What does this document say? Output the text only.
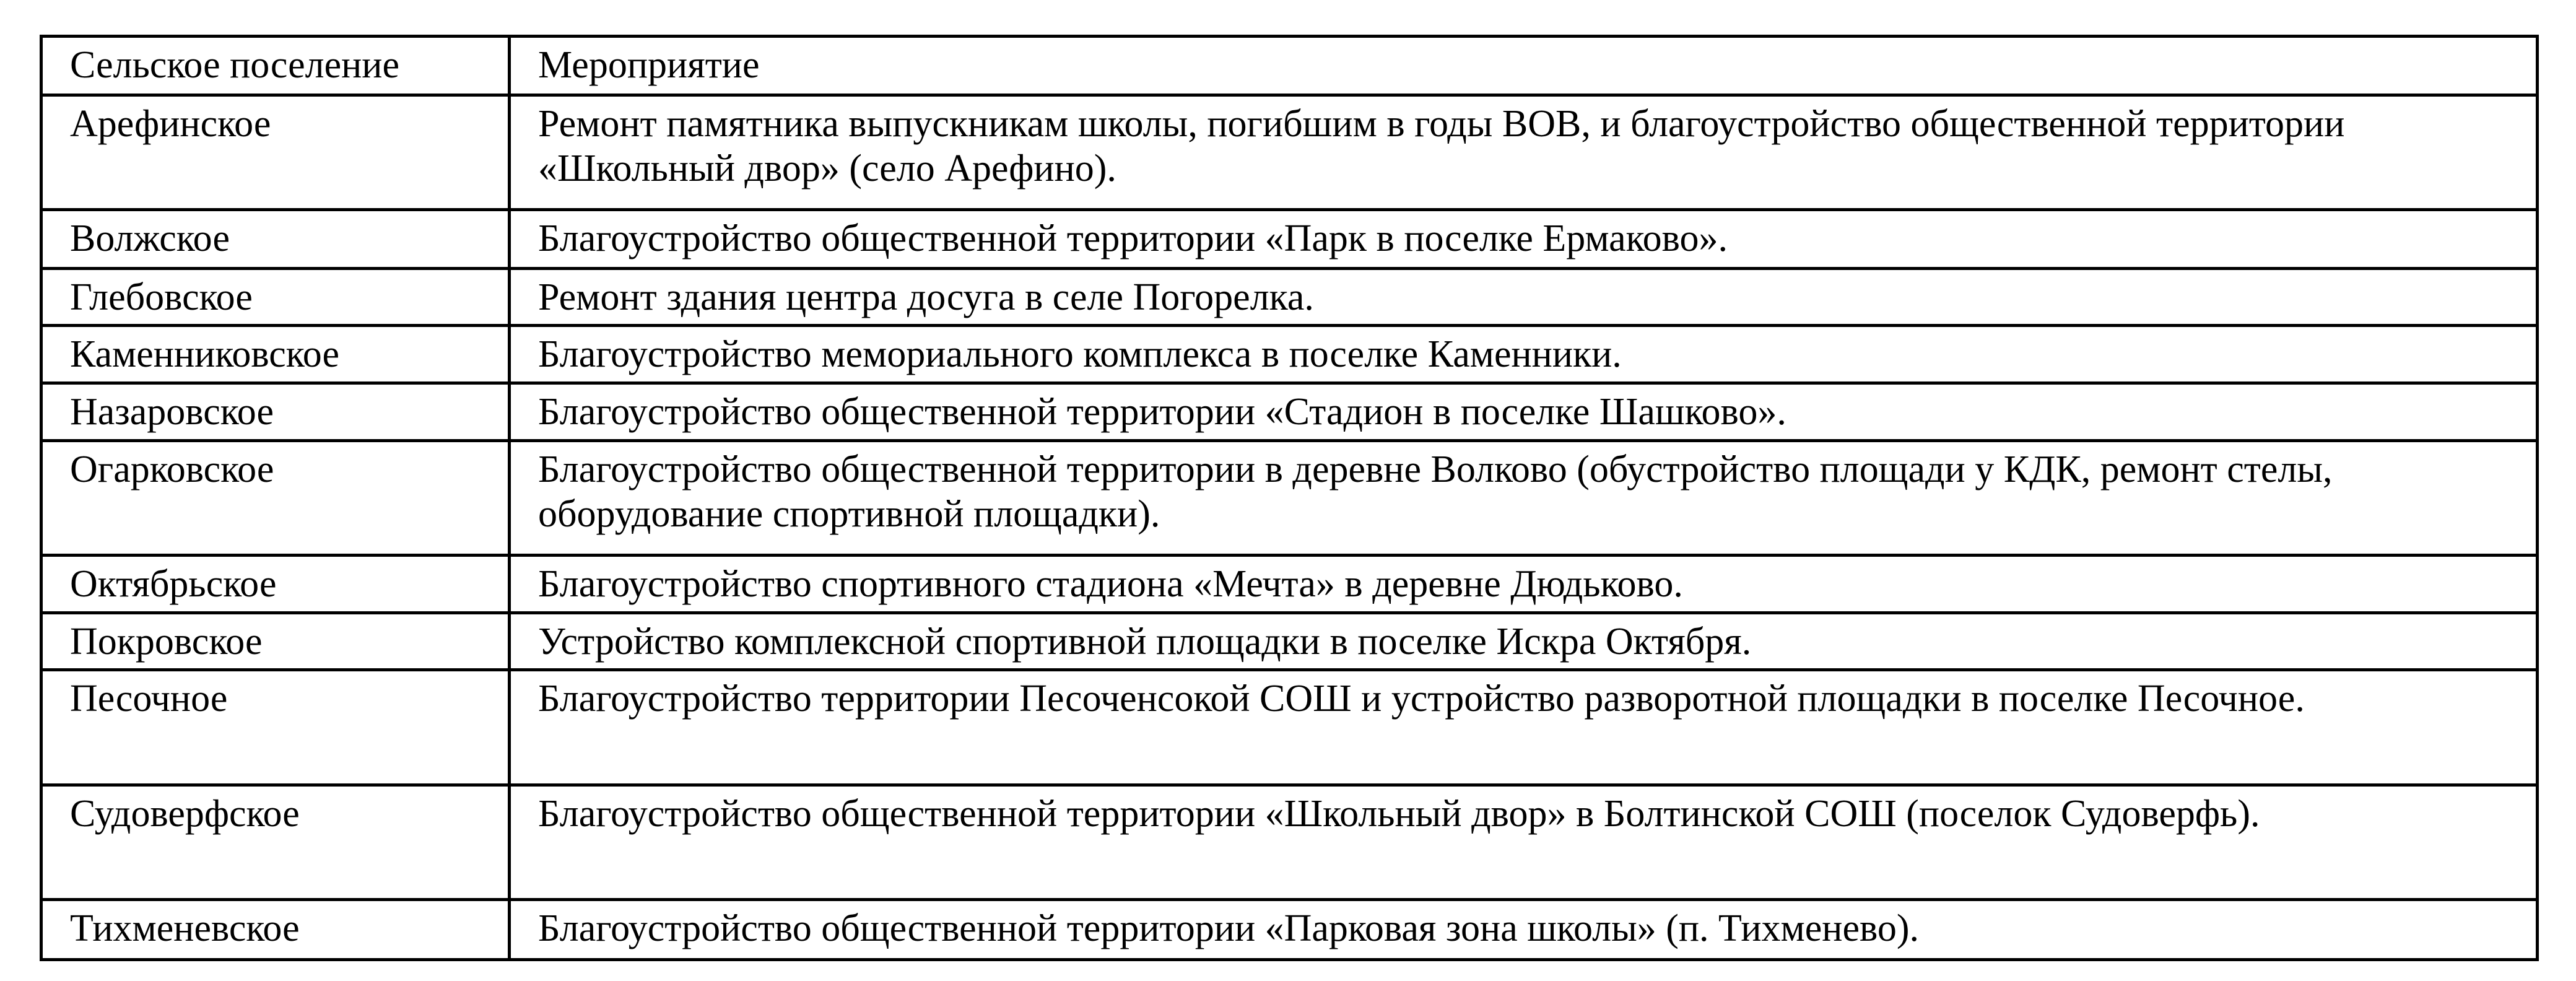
Сельское поселение	Мероприятие
Арефинское	Ремонт памятника выпускникам школы, погибшим в годы ВОВ, и благоустройство общественной территории «Школьный двор» (село Арефино).
Волжское	Благоустройство общественной территории «Парк в поселке Ермаково».
Глебовское	Ремонт здания центра досуга в селе Погорелка.
Каменниковское	Благоустройство мемориального комплекса в поселке Каменники.
Назаровское	Благоустройство общественной территории «Стадион в поселке Шашково».
Огарковское	Благоустройство общественной территории в деревне Волково (обустройство площади у КДК, ремонт стелы, оборудование спортивной площадки).
Октябрьское	Благоустройство спортивного стадиона «Мечта» в деревне Дюдьково.
Покровское	Устройство комплексной спортивной площадки в поселке Искра Октября.
Песочное	Благоустройство территории Песоченсокой СОШ и устройство разворотной площадки в поселке Песочное.
Судоверфское	Благоустройство общественной территории «Школьный двор» в Болтинской СОШ (поселок Судоверфь).
Тихменевское	Благоустройство общественной территории «Парковая зона школы» (п. Тихменево).
